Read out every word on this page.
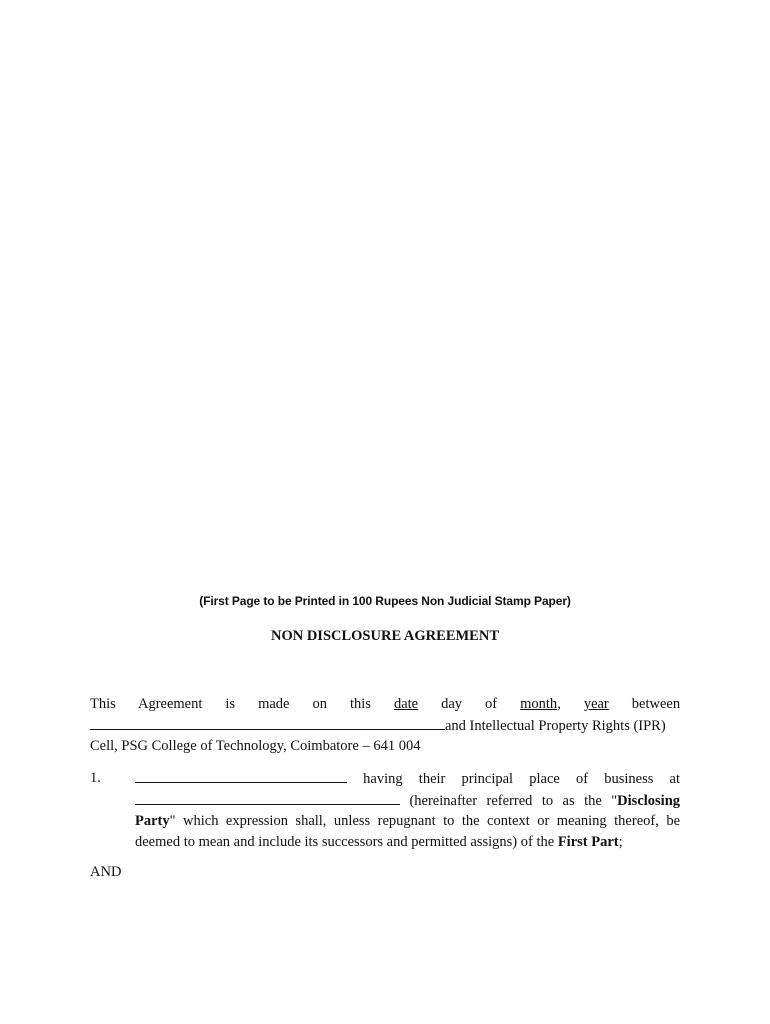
(First Page to be Printed in 100 Rupees Non Judicial Stamp Paper)
NON DISCLOSURE AGREEMENT
This Agreement is made on this date day of month, year between
and Intellectual Property Rights (IPR)
Cell, PSG College of Technology, Coimbatore – 641 004
1.	having their principal place of business at
(hereinafter referred to as the "Disclosing
Party" which expression shall, unless repugnant to the context or meaning thereof, be
deemed to mean and include its successors and permitted assigns) of the First Part;
AND
